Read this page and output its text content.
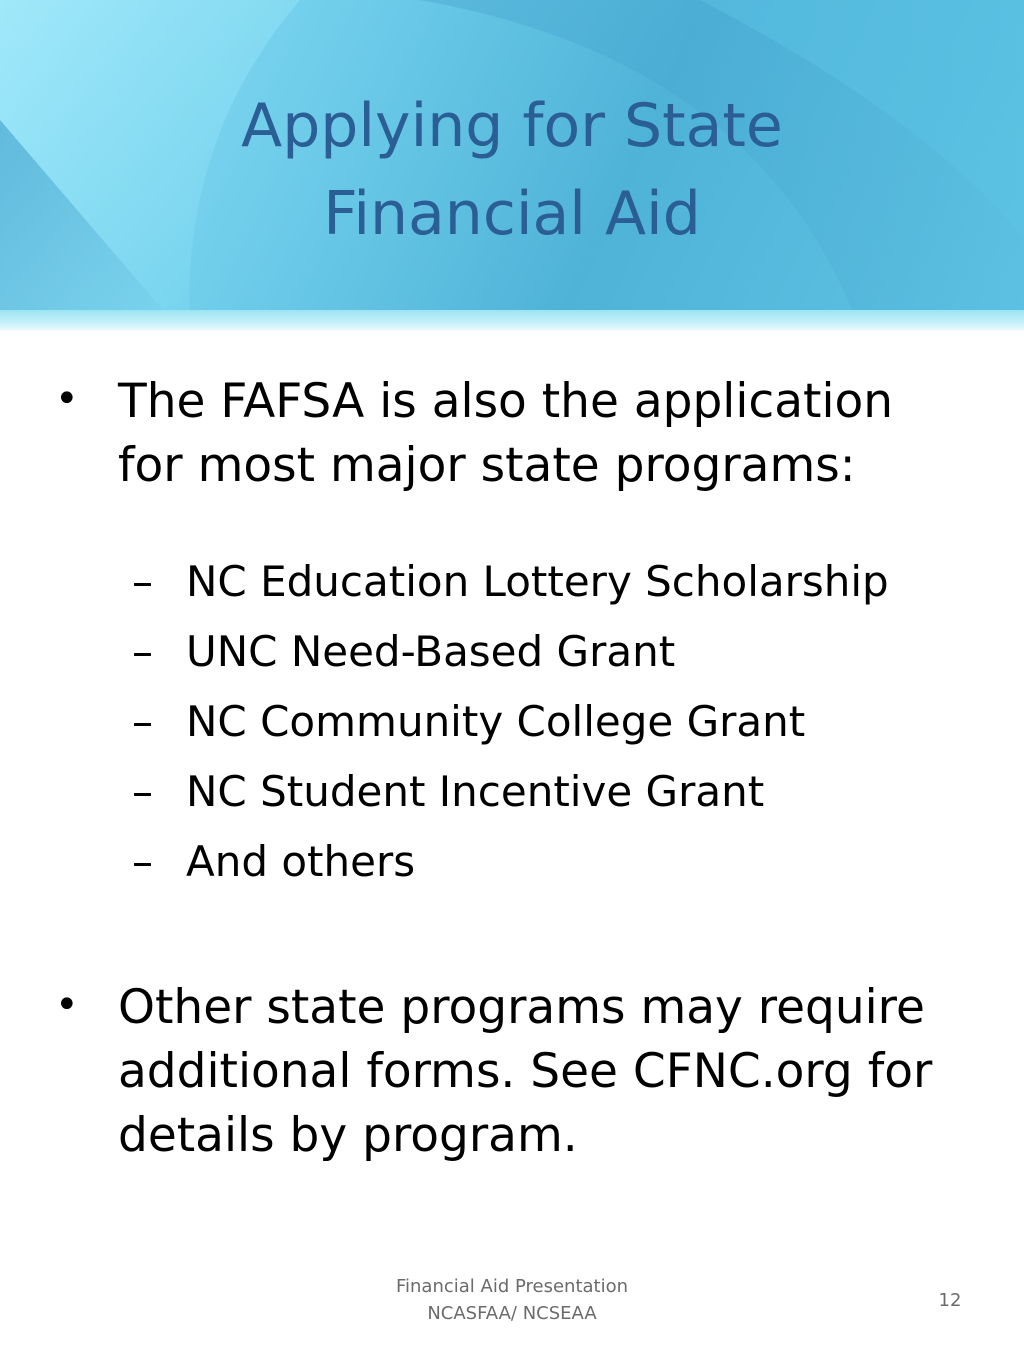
Applying for State
Financial Aid
• The FAFSA is also the application for most major state programs:
– NC Education Lottery Scholarship
– UNC Need-Based Grant
– NC Community College Grant
– NC Student Incentive Grant
– And others
• Other state programs may require additional forms. See CFNC.org for details by program.
Financial Aid Presentation
NCASFAA/ NCSEAA
12
